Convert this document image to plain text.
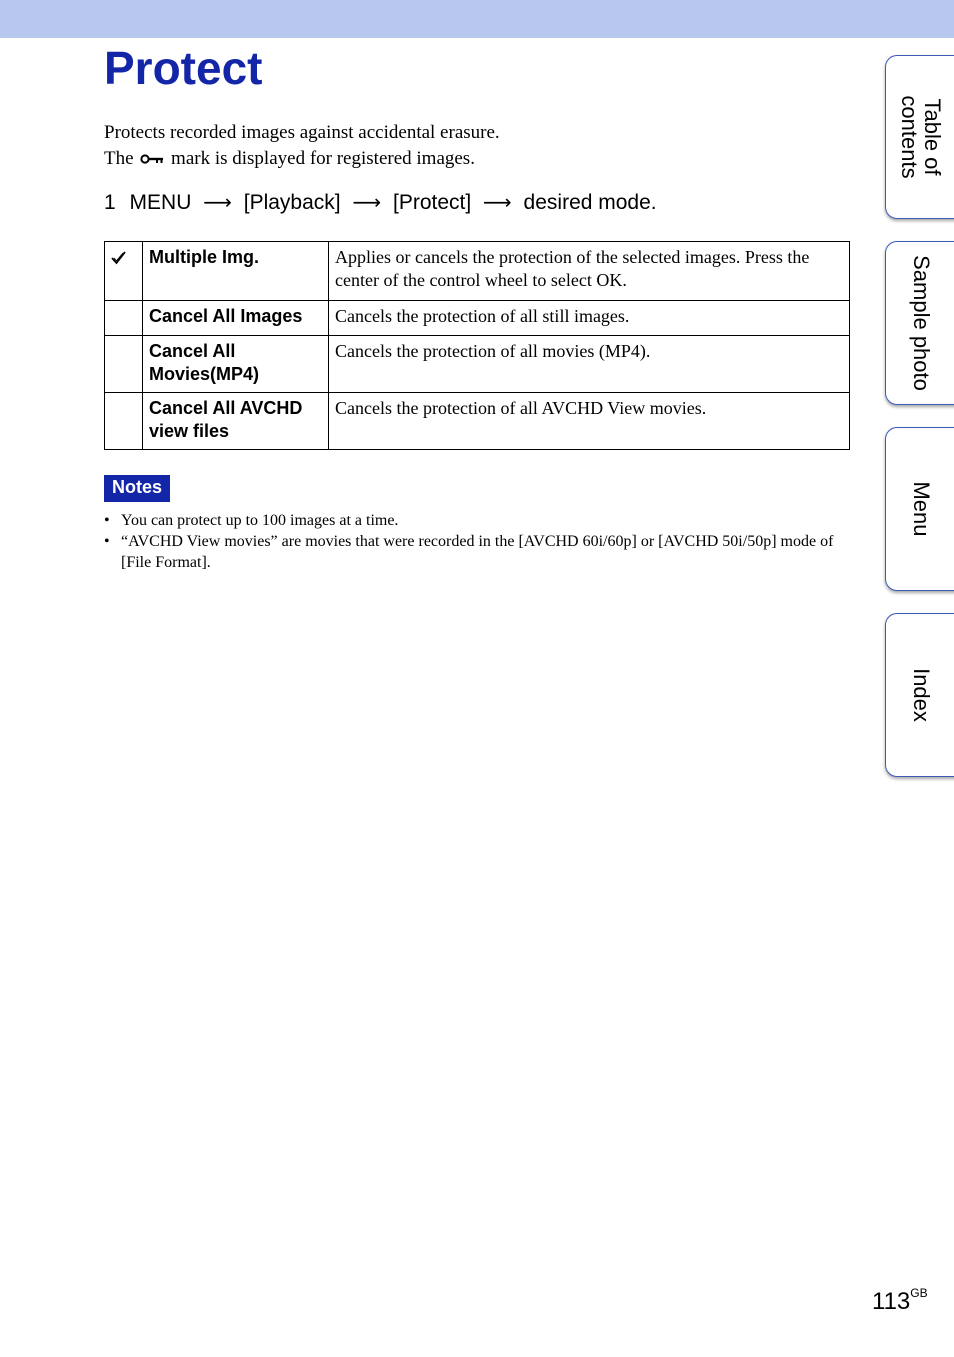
Protect

Protects recorded images against accidental erasure.

The mark is displayed for registered images.

1 MENU ⟶ [Playback] ⟶ [Protect] ⟶ desired mode.
	Multiple Img.	Applies or cancels the protection of the selected images. Press the center of the control wheel to select OK.
	Cancel All Images	Cancels the protection of all still images.
	Cancel All Movies(MP4)	Cancels the protection of all movies (MP4).
	Cancel All AVCHD view files	Cancels the protection of all AVCHD View movies.
Notes
• You can protect up to 100 images at a time.
• “AVCHD View movies” are movies that were recorded in the [AVCHD 60i/60p] or [AVCHD 50i/50p] mode of [File Format].
Table of contents
Sample photo
Menu
Index
$113^{GB}$
